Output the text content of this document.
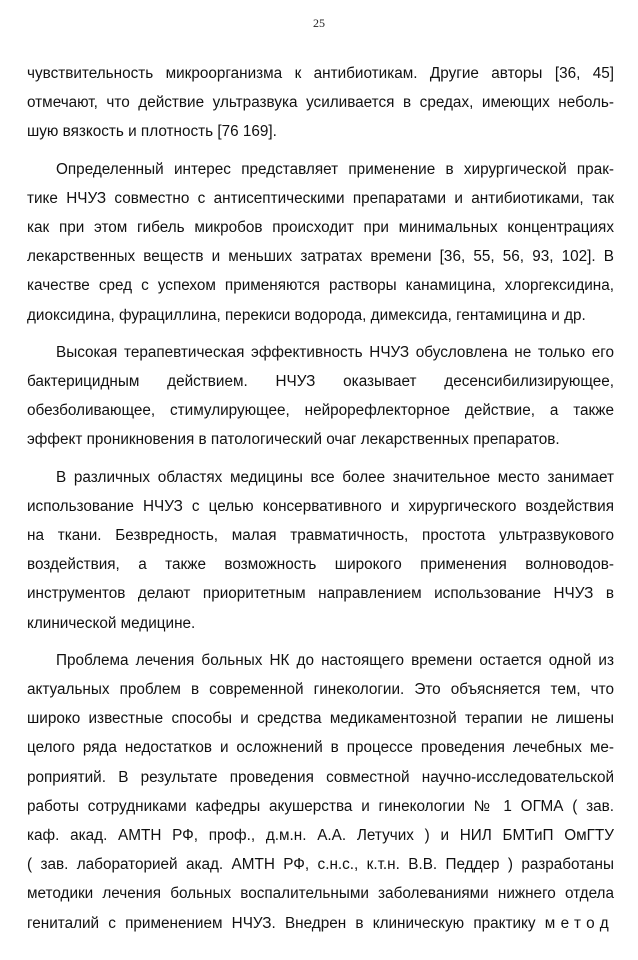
25
чувствительность микроорганизма к антибиотикам. Другие авторы [36, 45]
отмечают, что действие ультразвука усиливается в средах, имеющих неболь-
шую вязкость и плотность [76 169].
Определенный интерес представляет применение в хирургической прак-
тике НЧУЗ совместно с антисептическими препаратами и антибиотиками, так
как при этом гибель микробов происходит при минимальных концентрациях
лекарственных веществ и меньших затратах времени [36, 55, 56, 93, 102]. В
качестве сред с успехом применяются растворы канамицина, хлоргексидина,
диоксидина, фурациллина, перекиси водорода, димексида, гентамицина и др.
Высокая терапевтическая эффективность НЧУЗ обусловлена не только его
бактерицидным действием. НЧУЗ оказывает десенсибилизирующее,
обезболивающее, стимулирующее, нейрорефлекторное действие, а также
эффект проникновения в патологический очаг лекарственных препаратов.
В различных областях медицины все более значительное место занимает
использование НЧУЗ с целью консервативного и хирургического воздействия
на ткани. Безвредность, малая травматичность, простота ультразвукового
воздействия, а также возможность широкого применения волноводов-
инструментов делают приоритетным направлением использование НЧУЗ в
клинической медицине.
Проблема лечения больных НК до настоящего времени остается одной из
актуальных проблем в современной гинекологии. Это объясняется тем, что
широко известные способы и средства медикаментозной терапии не лишены
целого ряда недостатков и осложнений в процессе проведения лечебных ме-
роприятий. В результате проведения совместной научно-исследовательской
работы сотрудниками кафедры акушерства и гинекологии № 1 ОГМА ( зав.
каф. акад. АМТН РФ, проф., д.м.н. А.А. Летучих ) и НИЛ БМТиП ОмГТУ
( зав. лабораторией акад. АМТН РФ, с.н.с., к.т.н. В.В. Педдер ) разработаны
методики лечения больных воспалительными заболеваниями нижнего отдела
гениталий с применением НЧУЗ. Внедрен в клиническую практику метод
